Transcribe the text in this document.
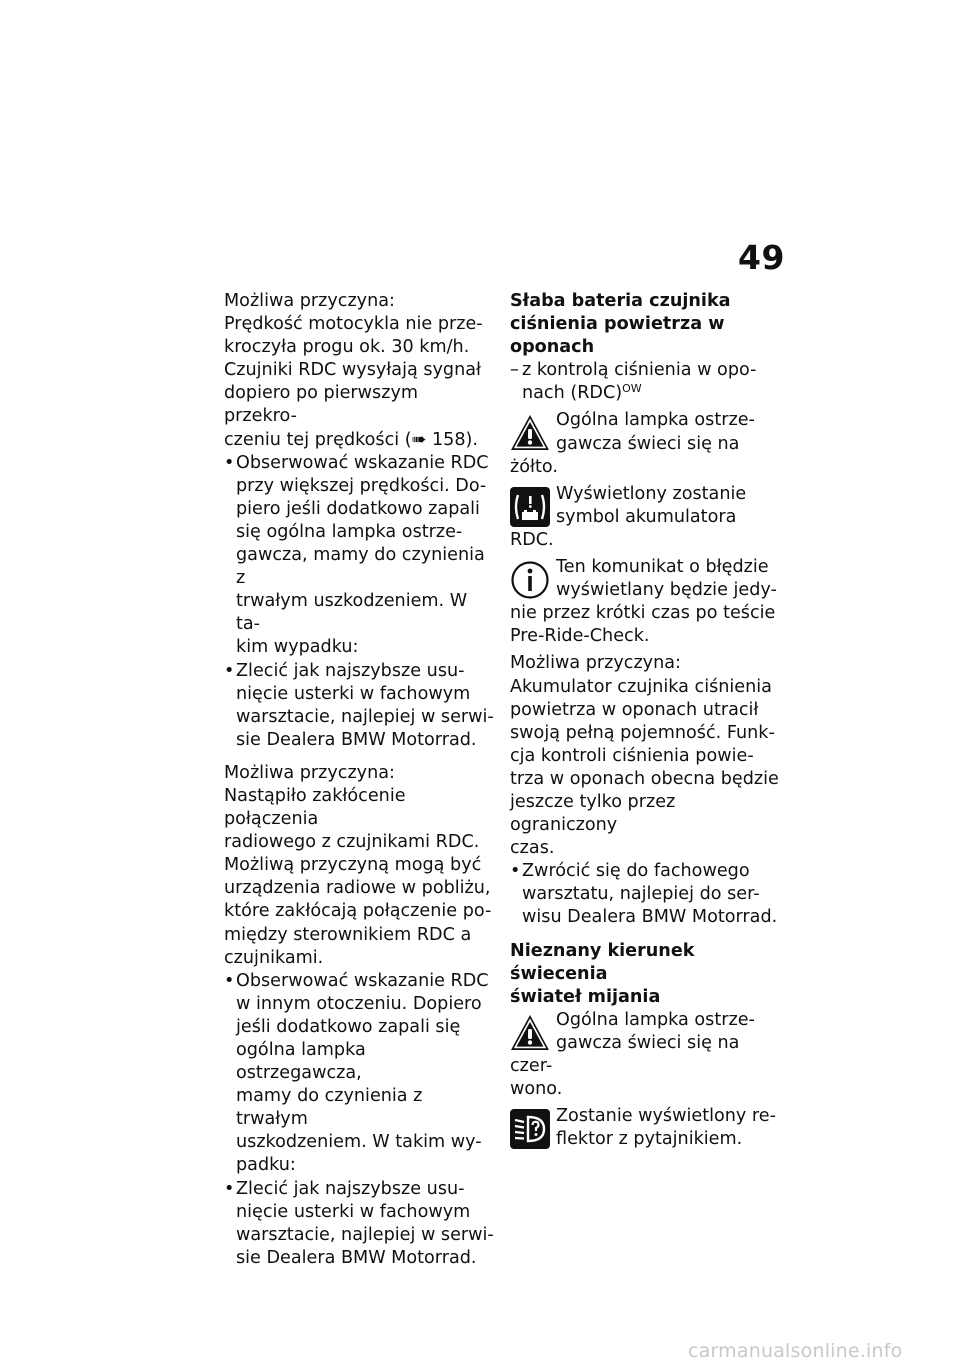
49

Możliwa przyczyna:

Prędkość motocykla nie prze-
kroczyła progu ok. 30 km/h.
Czujniki RDC wysyłają sygnał
dopiero po pierwszym przekro-
czeniu tej prędkości (➠ 158).

• Obserwować wskazanie RDC
przy większej prędkości. Do-
piero jeśli dodatkowo zapali
się ogólna lampka ostrze-
gawcza, mamy do czynienia z
trwałym uszkodzeniem. W ta-
kim wypadku:
• Zlecić jak najszybsze usu-
nięcie usterki w fachowym
warsztacie, najlepiej w serwi-
sie Dealera BMW Motorrad.

Możliwa przyczyna:

Nastąpiło zakłócenie połączenia
radiowego z czujnikami RDC.
Możliwą przyczyną mogą być
urządzenia radiowe w pobliżu,
które zakłócają połączenie po-
między sterownikiem RDC a
czujnikami.

• Obserwować wskazanie RDC
w innym otoczeniu. Dopiero
jeśli dodatkowo zapali się
ogólna lampka ostrzegawcza,
mamy do czynienia z trwałym
uszkodzeniem. W takim wy-
padku:
• Zlecić jak najszybsze usu-
nięcie usterki w fachowym
warsztacie, najlepiej w serwi-
sie Dealera BMW Motorrad.

Słaba bateria czujnika
ciśnienia powietrza w
oponach

– z kontrolą ciśnienia w opo-
nach (RDC)$^{OW}$
Ogólna lampka ostrze-
gawcza świeci się na
żółto.
Wyświetlony zostanie
symbol akumulatora RDC.
Ten komunikat o błędzie
wyświetlany będzie jedy-
nie przez krótki czas po teście
Pre-Ride-Check.

Możliwa przyczyna:

Akumulator czujnika ciśnienia
powietrza w oponach utracił
swoją pełną pojemność. Funk-
cja kontroli ciśnienia powie-
trza w oponach obecna będzie
jeszcze tylko przez ograniczony
czas.

• Zwrócić się do fachowego
warsztatu, najlepiej do ser-
wisu Dealera BMW Motorrad.

Nieznany kierunek świecenia
świateł mijania

Ogólna lampka ostrze-
gawcza świeci się na czer-
wono.
Zostanie wyświetlony re-
flektor z pytajnikiem.
carmanualsonline.info
